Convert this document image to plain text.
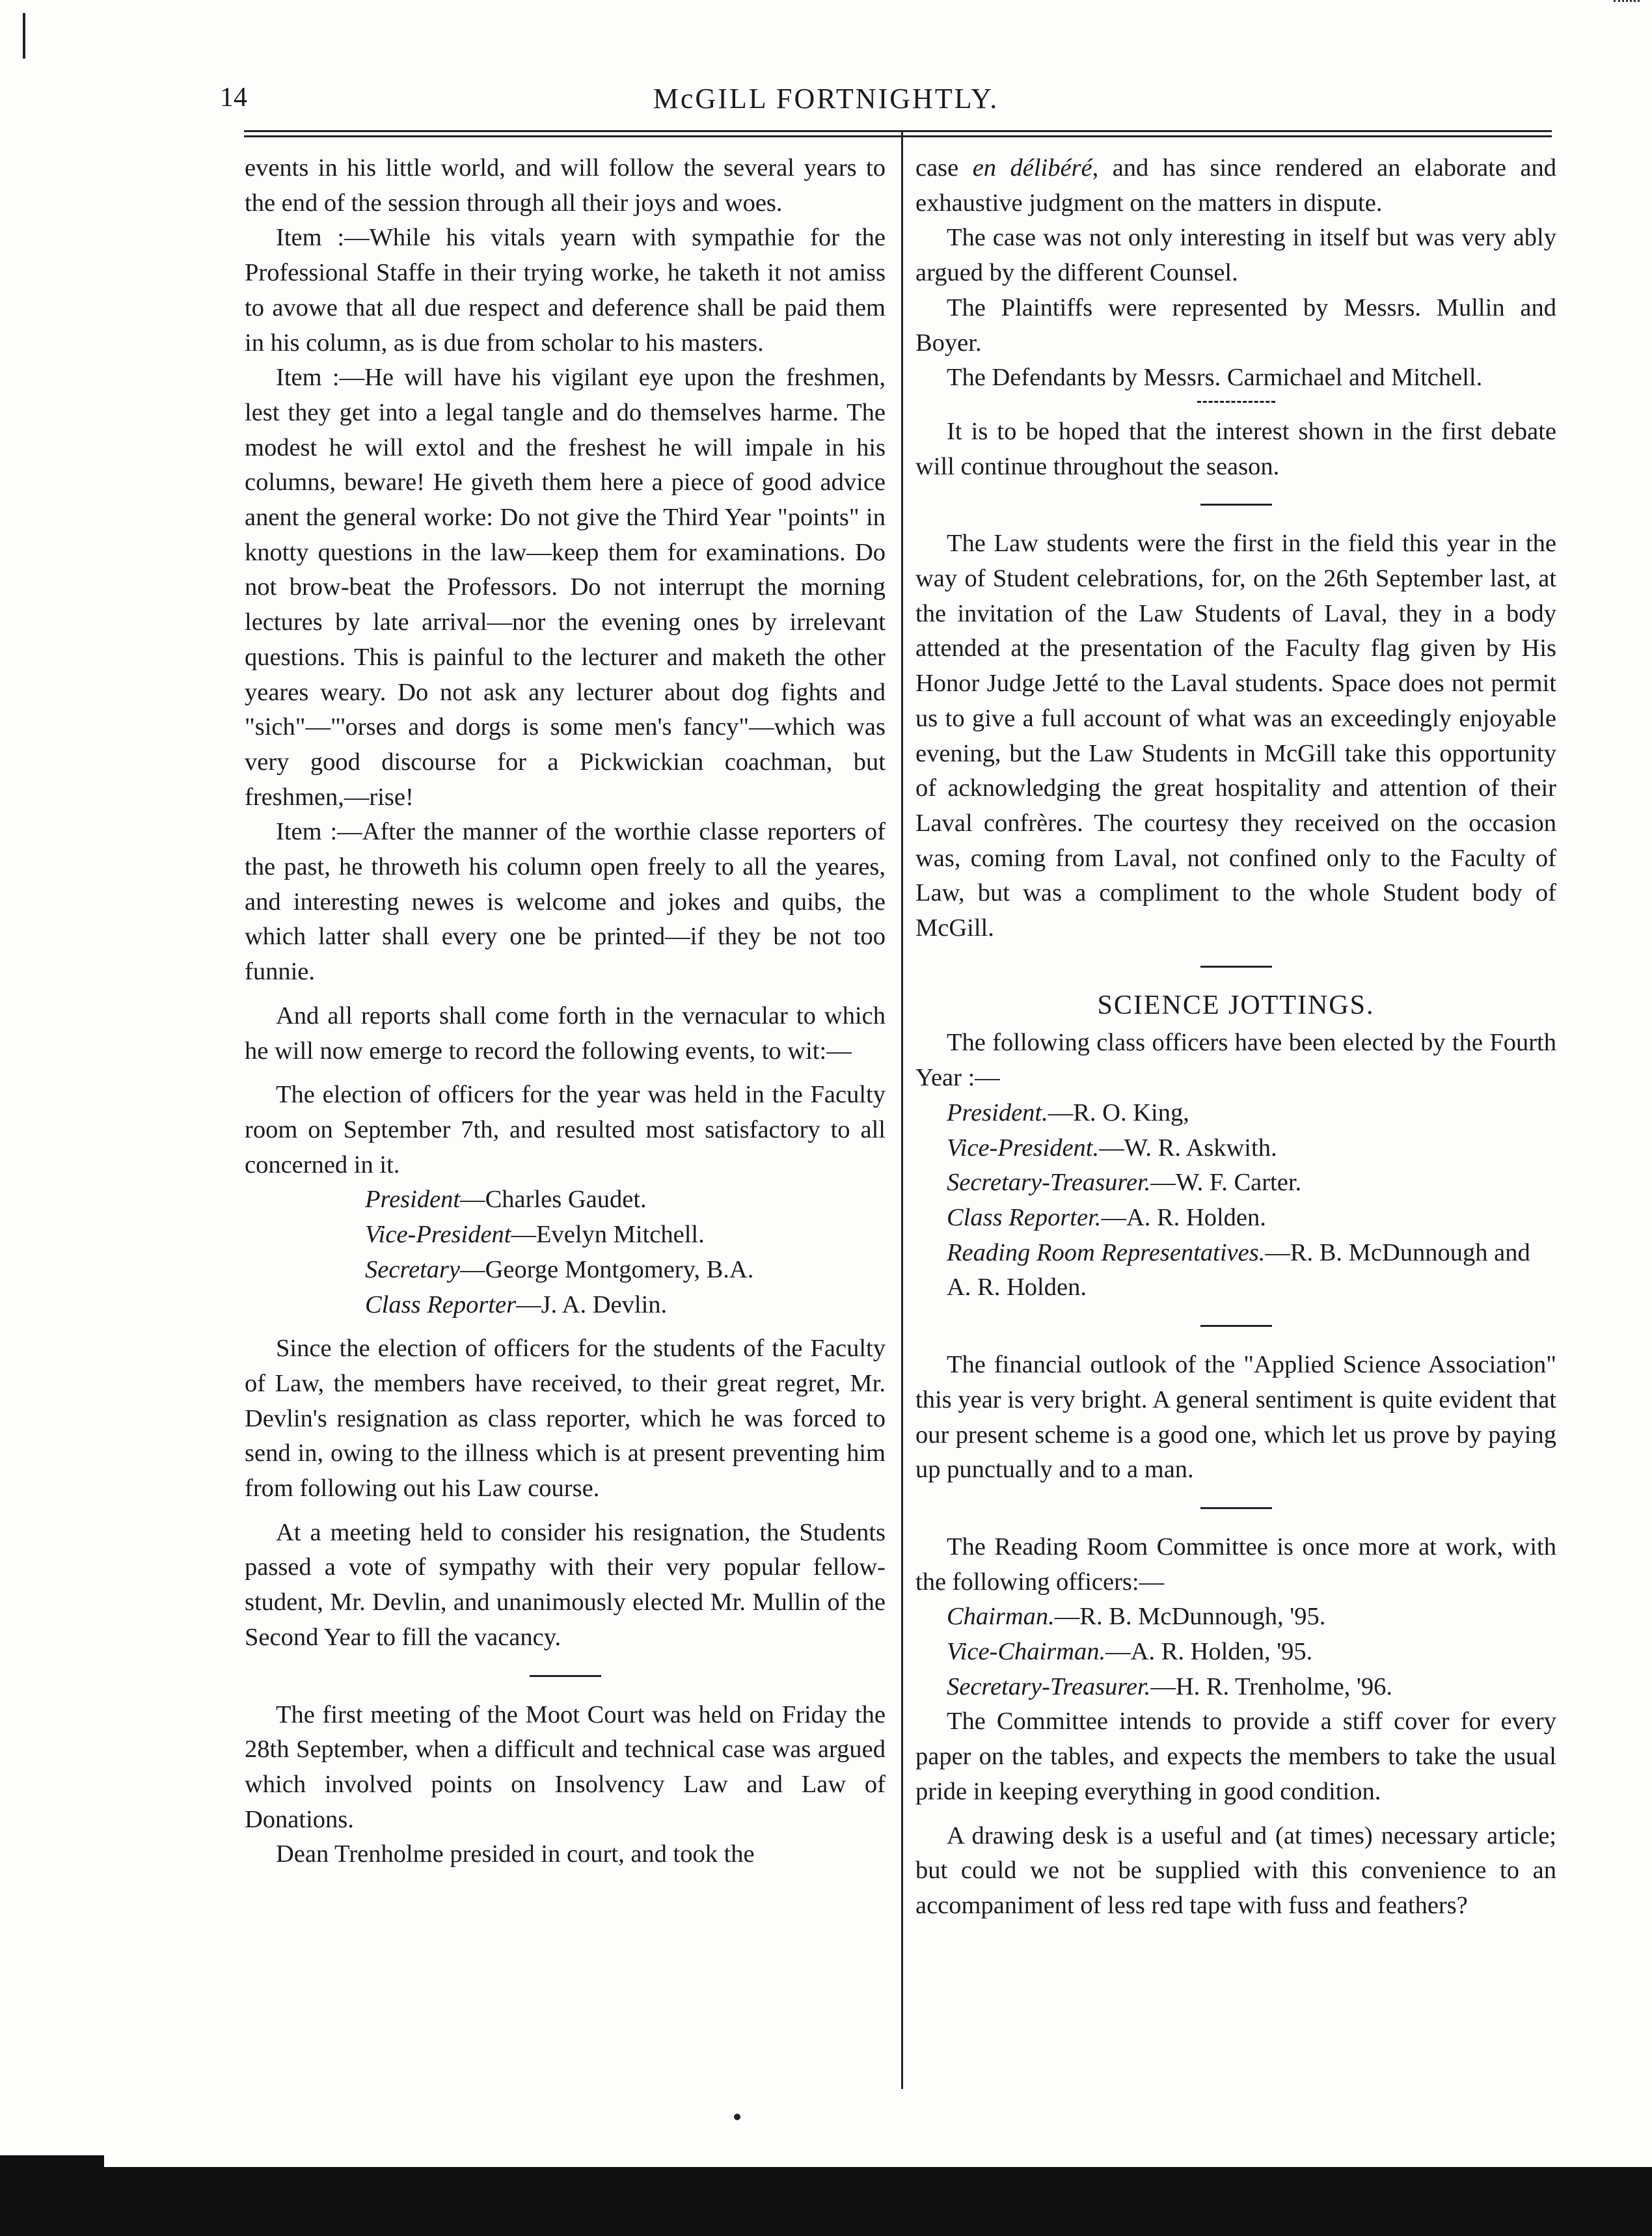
14	McGILL FORTNIGHTLY.

events in his little world, and will follow the several years to the end of the session through all their joys and woes.

Item :—While his vitals yearn with sympathie for the Professional Staffe in their trying worke, he taketh it not amiss to avowe that all due respect and deference shall be paid them in his column, as is due from scholar to his masters.

Item :—He will have his vigilant eye upon the freshmen, lest they get into a legal tangle and do themselves harme. The modest he will extol and the freshest he will impale in his columns, beware! He giveth them here a piece of good advice anent the general worke: Do not give the Third Year "points" in knotty questions in the law—keep them for examinations. Do not brow-beat the Professors. Do not interrupt the morning lectures by late arrival—nor the evening ones by irrelevant questions. This is painful to the lecturer and maketh the other yeares weary. Do not ask any lecturer about dog fights and "sich"—"'orses and dorgs is some men's fancy"—which was very good discourse for a Pickwickian coachman, but freshmen,—rise!

Item :—After the manner of the worthie classe reporters of the past, he throweth his column open freely to all the yeares, and interesting newes is welcome and jokes and quibs, the which latter shall every one be printed—if they be not too funnie.

And all reports shall come forth in the vernacular to which he will now emerge to record the following events, to wit:—

The election of officers for the year was held in the Faculty room on September 7th, and resulted most satisfactory to all concerned in it.

President—Charles Gaudet.

Vice-President—Evelyn Mitchell.

Secretary—George Montgomery, B.A.

Class Reporter—J. A. Devlin.

Since the election of officers for the students of the Faculty of Law, the members have received, to their great regret, Mr. Devlin's resignation as class reporter, which he was forced to send in, owing to the illness which is at present preventing him from following out his Law course.

At a meeting held to consider his resignation, the Students passed a vote of sympathy with their very popular fellow-student, Mr. Devlin, and unanimously elected Mr. Mullin of the Second Year to fill the vacancy.

The first meeting of the Moot Court was held on Friday the 28th September, when a difficult and technical case was argued which involved points on Insolvency Law and Law of Donations.

Dean Trenholme presided in court, and took the

case en délibéré, and has since rendered an elaborate and exhaustive judgment on the matters in dispute.

The case was not only interesting in itself but was very ably argued by the different Counsel.

The Plaintiffs were represented by Messrs. Mullin and Boyer.

The Defendants by Messrs. Carmichael and Mitchell.

It is to be hoped that the interest shown in the first debate will continue throughout the season.

The Law students were the first in the field this year in the way of Student celebrations, for, on the 26th September last, at the invitation of the Law Students of Laval, they in a body attended at the presentation of the Faculty flag given by His Honor Judge Jetté to the Laval students. Space does not permit us to give a full account of what was an exceedingly enjoyable evening, but the Law Students in McGill take this opportunity of acknowledging the great hospitality and attention of their Laval confrères. The courtesy they received on the occasion was, coming from Laval, not confined only to the Faculty of Law, but was a compliment to the whole Student body of McGill.

SCIENCE JOTTINGS.

The following class officers have been elected by the Fourth Year :—

President.—R. O. King,

Vice-President.—W. R. Askwith.

Secretary-Treasurer.—W. F. Carter.

Class Reporter.—A. R. Holden.

Reading Room Representatives.—R. B. McDunnough and A. R. Holden.

The financial outlook of the "Applied Science Association" this year is very bright. A general sentiment is quite evident that our present scheme is a good one, which let us prove by paying up punctually and to a man.

The Reading Room Committee is once more at work, with the following officers:—

Chairman.—R. B. McDunnough, '95.

Vice-Chairman.—A. R. Holden, '95.

Secretary-Treasurer.—H. R. Trenholme, '96.

The Committee intends to provide a stiff cover for every paper on the tables, and expects the members to take the usual pride in keeping everything in good condition.

A drawing desk is a useful and (at times) necessary article; but could we not be supplied with this convenience to an accompaniment of less red tape with fuss and feathers?
